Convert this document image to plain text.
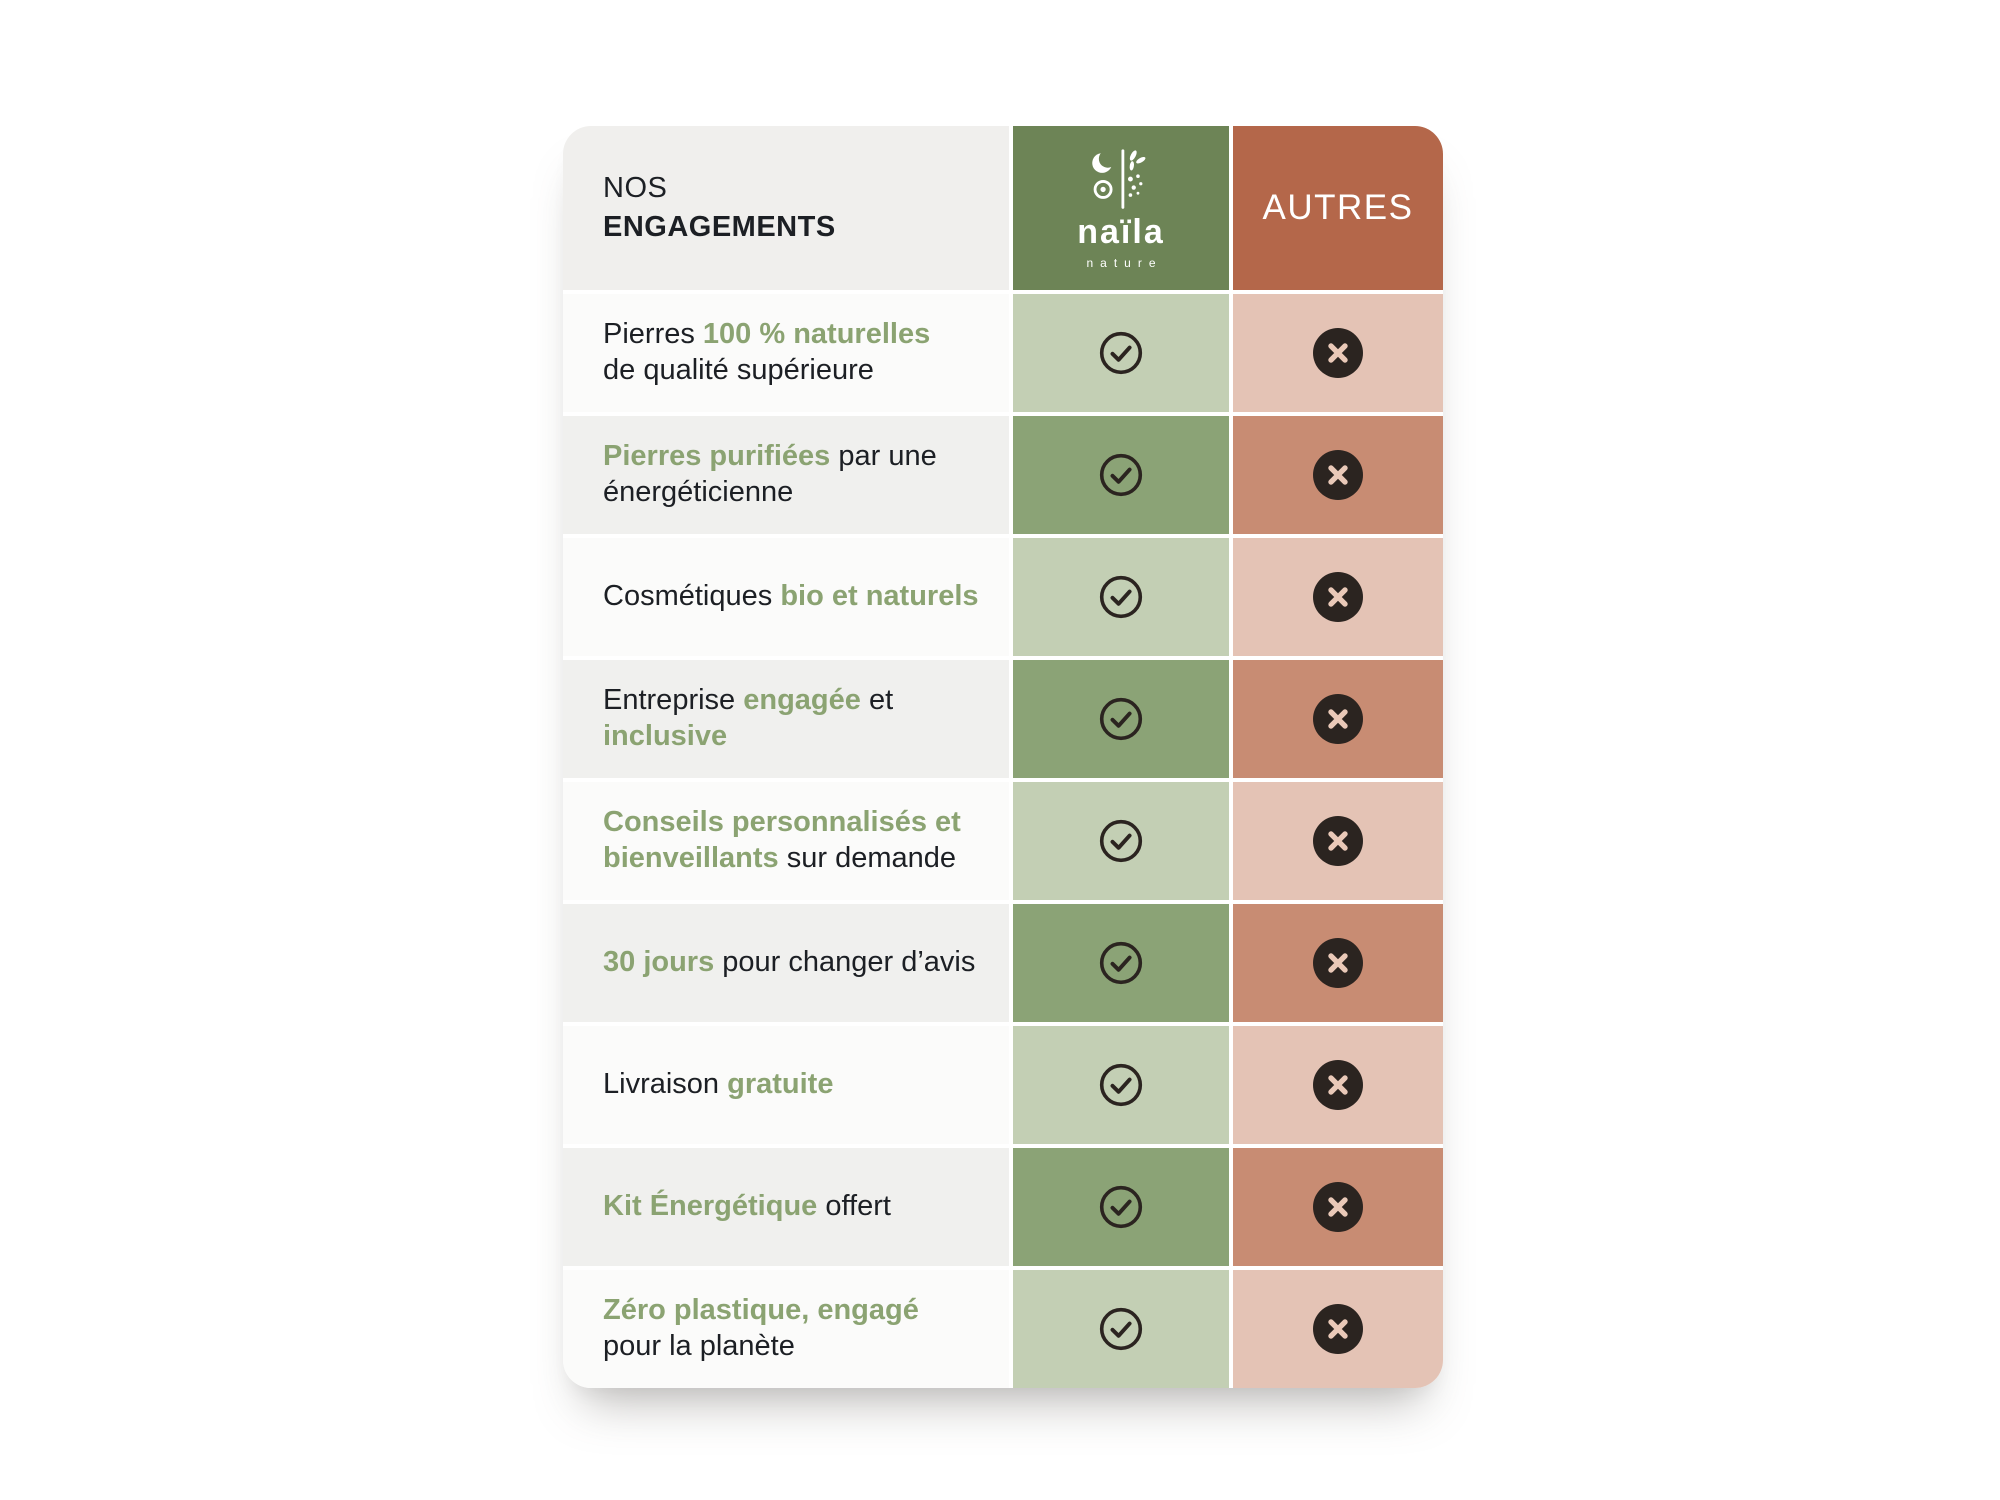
NOS
ENGAGEMENTS	naïla
nature
AUTRES
Pierres 100 % naturelles
de qualité supérieure
Pierres purifiées par une
énergéticienne
Cosmétiques bio et naturels
Entreprise engagée et
inclusive
Conseils personnalisés et
bienveillants sur demande
30 jours pour changer d’avis
Livraison gratuite
Kit Énergétique offert
Zéro plastique, engagé
pour la planète
